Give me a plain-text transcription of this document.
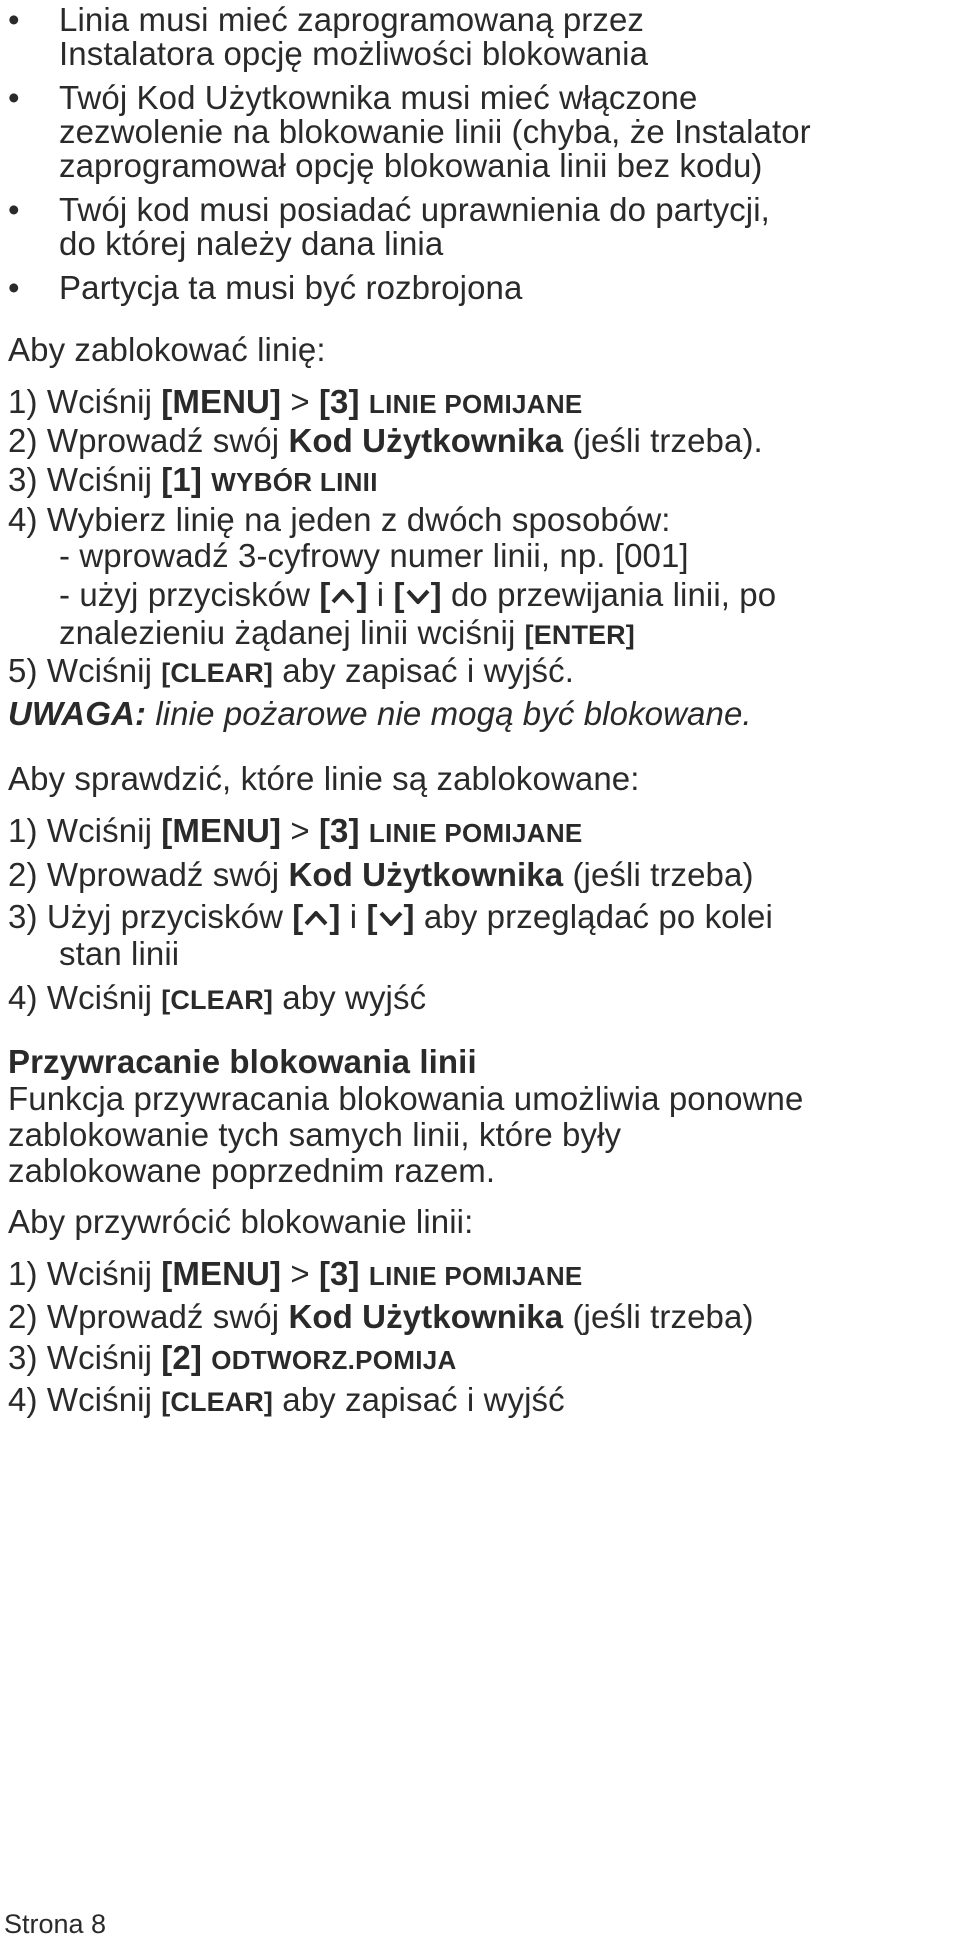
• Linia musi mieć zaprogramowaną przez
Instalatora opcję możliwości blokowania
• Twój Kod Użytkownika musi mieć włączone
zezwolenie na blokowanie linii (chyba, że Instalator
zaprogramował opcję blokowania linii bez kodu)
• Twój kod musi posiadać uprawnienia do partycji,
do której należy dana linia
• Partycja ta musi być rozbrojona
Aby zablokować linię:
1) Wciśnij [MENU] > [3] LINIE POMIJANE
2) Wprowadź swój Kod Użytkownika (jeśli trzeba).
3) Wciśnij [1] WYBÓR LINII
4) Wybierz linię na jeden z dwóch sposobów:
- wprowadź 3-cyfrowy numer linii, np. [001]
- użyj przycisków [ ] i [ ] do przewijania linii, po
znalezieniu żądanej linii wciśnij [ENTER]
5) Wciśnij [CLEAR] aby zapisać i wyjść.
UWAGA: linie pożarowe nie mogą być blokowane.
Aby sprawdzić, które linie są zablokowane:
1) Wciśnij [MENU] > [3] LINIE POMIJANE
2) Wprowadź swój Kod Użytkownika (jeśli trzeba)
3) Użyj przycisków [ ] i [ ] aby przeglądać po kolei
stan linii
4) Wciśnij [CLEAR] aby wyjść
Przywracanie blokowania linii
Funkcja przywracania blokowania umożliwia ponowne
zablokowanie tych samych linii, które były
zablokowane poprzednim razem.
Aby przywrócić blokowanie linii:
1) Wciśnij [MENU] > [3] LINIE POMIJANE
2) Wprowadź swój Kod Użytkownika (jeśli trzeba)
3) Wciśnij [2] ODTWORZ.POMIJA
4) Wciśnij [CLEAR] aby zapisać i wyjść
Strona 8
